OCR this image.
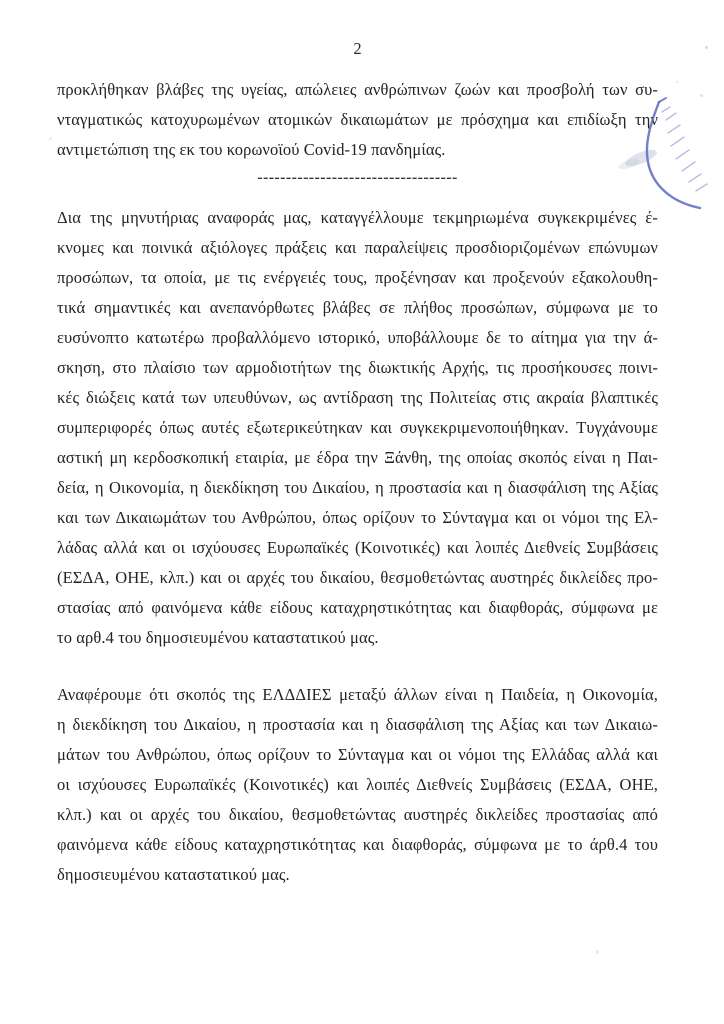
2
προκλήθηκαν βλάβες της υγείας, απώλειες ανθρώπινων ζωών και προσβολή των συ-
νταγματικώς κατοχυρωμένων ατομικών δικαιωμάτων με πρόσχημα και επιδίωξη την
αντιμετώπιση της εκ του κορωνοϊού Covid-19 πανδημίας.
-----------------------------------
Δια της μηνυτήριας αναφοράς μας, καταγγέλλουμε τεκμηριωμένα συγκεκριμένες έ-
κνομες και ποινικά αξιόλογες πράξεις και παραλείψεις προσδιοριζομένων επώνυμων
προσώπων, τα οποία, με τις ενέργειές τους, προξένησαν και προξενούν εξακολουθη-
τικά σημαντικές και ανεπανόρθωτες βλάβες σε πλήθος προσώπων, σύμφωνα με το
ευσύνοπτο κατωτέρω προβαλλόμενο ιστορικό, υποβάλλουμε δε το αίτημα για την ά-
σκηση, στο πλαίσιο των αρμοδιοτήτων της διωκτικής Αρχής, τις προσήκουσες ποινι-
κές διώξεις κατά των υπευθύνων, ως αντίδραση της Πολιτείας στις ακραία βλαπτικές
συμπεριφορές όπως αυτές εξωτερικεύτηκαν και συγκεκριμενοποιήθηκαν. Τυγχάνουμε
αστική μη κερδοσκοπική εταιρία, με έδρα την Ξάνθη, της οποίας σκοπός είναι η Παι-
δεία, η Οικονομία, η διεκδίκηση του Δικαίου, η προστασία και η διασφάλιση της Αξίας
και των Δικαιωμάτων του Ανθρώπου, όπως ορίζουν το Σύνταγμα και οι νόμοι της Ελ-
λάδας αλλά και οι ισχύουσες Ευρωπαϊκές (Κοινοτικές) και λοιπές Διεθνείς Συμβάσεις
(ΕΣΔΑ, ΟΗΕ, κλπ.) και οι αρχές του δικαίου, θεσμοθετώντας αυστηρές δικλείδες προ-
στασίας από φαινόμενα κάθε είδους καταχρηστικότητας και διαφθοράς, σύμφωνα με
το αρθ.4 του δημοσιευμένου καταστατικού μας.
Αναφέρουμε ότι σκοπός της ΕΛΔΔΙΕΣ μεταξύ άλλων είναι η Παιδεία, η Οικονομία,
η διεκδίκηση του Δικαίου, η προστασία και η διασφάλιση της Αξίας και των Δικαιω-
μάτων του Ανθρώπου, όπως ορίζουν το Σύνταγμα και οι νόμοι της Ελλάδας αλλά και
οι ισχύουσες Ευρωπαϊκές (Κοινοτικές) και λοιπές Διεθνείς Συμβάσεις (ΕΣΔΑ, ΟΗΕ,
κλπ.) και οι αρχές του δικαίου, θεσμοθετώντας αυστηρές δικλείδες προστασίας από
φαινόμενα κάθε είδους καταχρηστικότητας και διαφθοράς, σύμφωνα με το άρθ.4 του
δημοσιευμένου καταστατικού μας.
